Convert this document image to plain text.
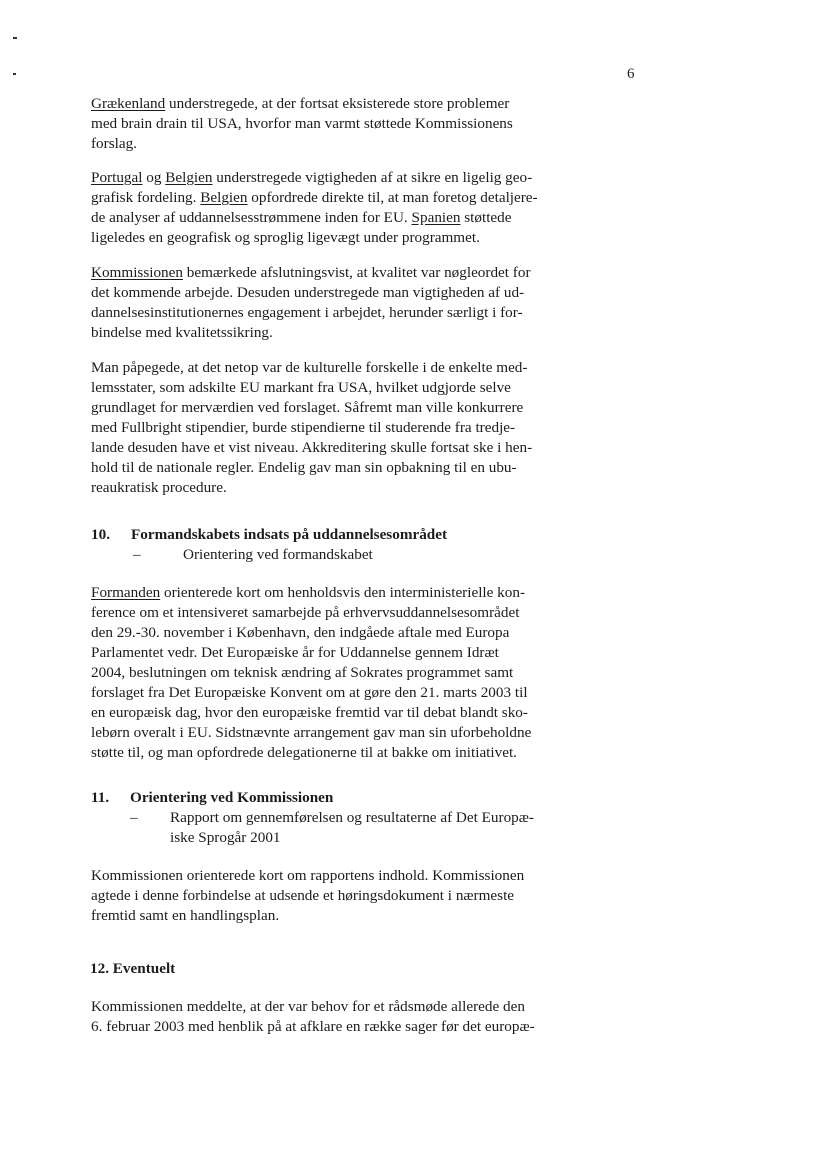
6
Grækenland understregede, at der fortsat eksisterede store problemer
med brain drain til USA, hvorfor man varmt støttede Kommissionens
forslag.
Portugal og Belgien understregede vigtigheden af at sikre en ligelig geo-
grafisk fordeling. Belgien opfordrede direkte til, at man foretog detaljere-
de analyser af uddannelsesstrømmene inden for EU. Spanien støttede
ligeledes en geografisk og sproglig ligevægt under programmet.
Kommissionen bemærkede afslutningsvist, at kvalitet var nøgleordet for
det kommende arbejde. Desuden understregede man vigtigheden af ud-
dannelsesinstitutionernes engagement i arbejdet, herunder særligt i for-
bindelse med kvalitetssikring.
Man påpegede, at det netop var de kulturelle forskelle i de enkelte med-
lemsstater, som adskilte EU markant fra USA, hvilket udgjorde selve
grundlaget for merværdien ved forslaget. Såfremt man ville konkurrere
med Fullbright stipendier, burde stipendierne til studerende fra tredje-
lande desuden have et vist niveau. Akkreditering skulle fortsat ske i hen-
hold til de nationale regler. Endelig gav man sin opbakning til en ubu-
reaukratisk procedure.
10. Formandskabets indsats på uddannelsesområdet
–	Orientering ved formandskabet
Formanden orienterede kort om henholdsvis den interministerielle kon-
ference om et intensiveret samarbejde på erhvervsuddannelsesområdet
den 29.-30. november i København, den indgåede aftale med Europa
Parlamentet vedr. Det Europæiske år for Uddannelse gennem Idræt
2004, beslutningen om teknisk ændring af Sokrates programmet samt
forslaget fra Det Europæiske Konvent om at gøre den 21. marts 2003 til
en europæisk dag, hvor den europæiske fremtid var til debat blandt sko-
lebørn overalt i EU. Sidstnævnte arrangement gav man sin uforbeholdne
støtte til, og man opfordrede delegationerne til at bakke om initiativet.
11. Orientering ved Kommissionen
– Rapport om gennemførelsen og resultaterne af Det Europæ-
iske Sprogår 2001
Kommissionen orienterede kort om rapportens indhold. Kommissionen
agtede i denne forbindelse at udsende et høringsdokument i nærmeste
fremtid samt en handlingsplan.
12. Eventuelt
Kommissionen meddelte, at der var behov for et rådsmøde allerede den
6. februar 2003 med henblik på at afklare en række sager før det europæ-
